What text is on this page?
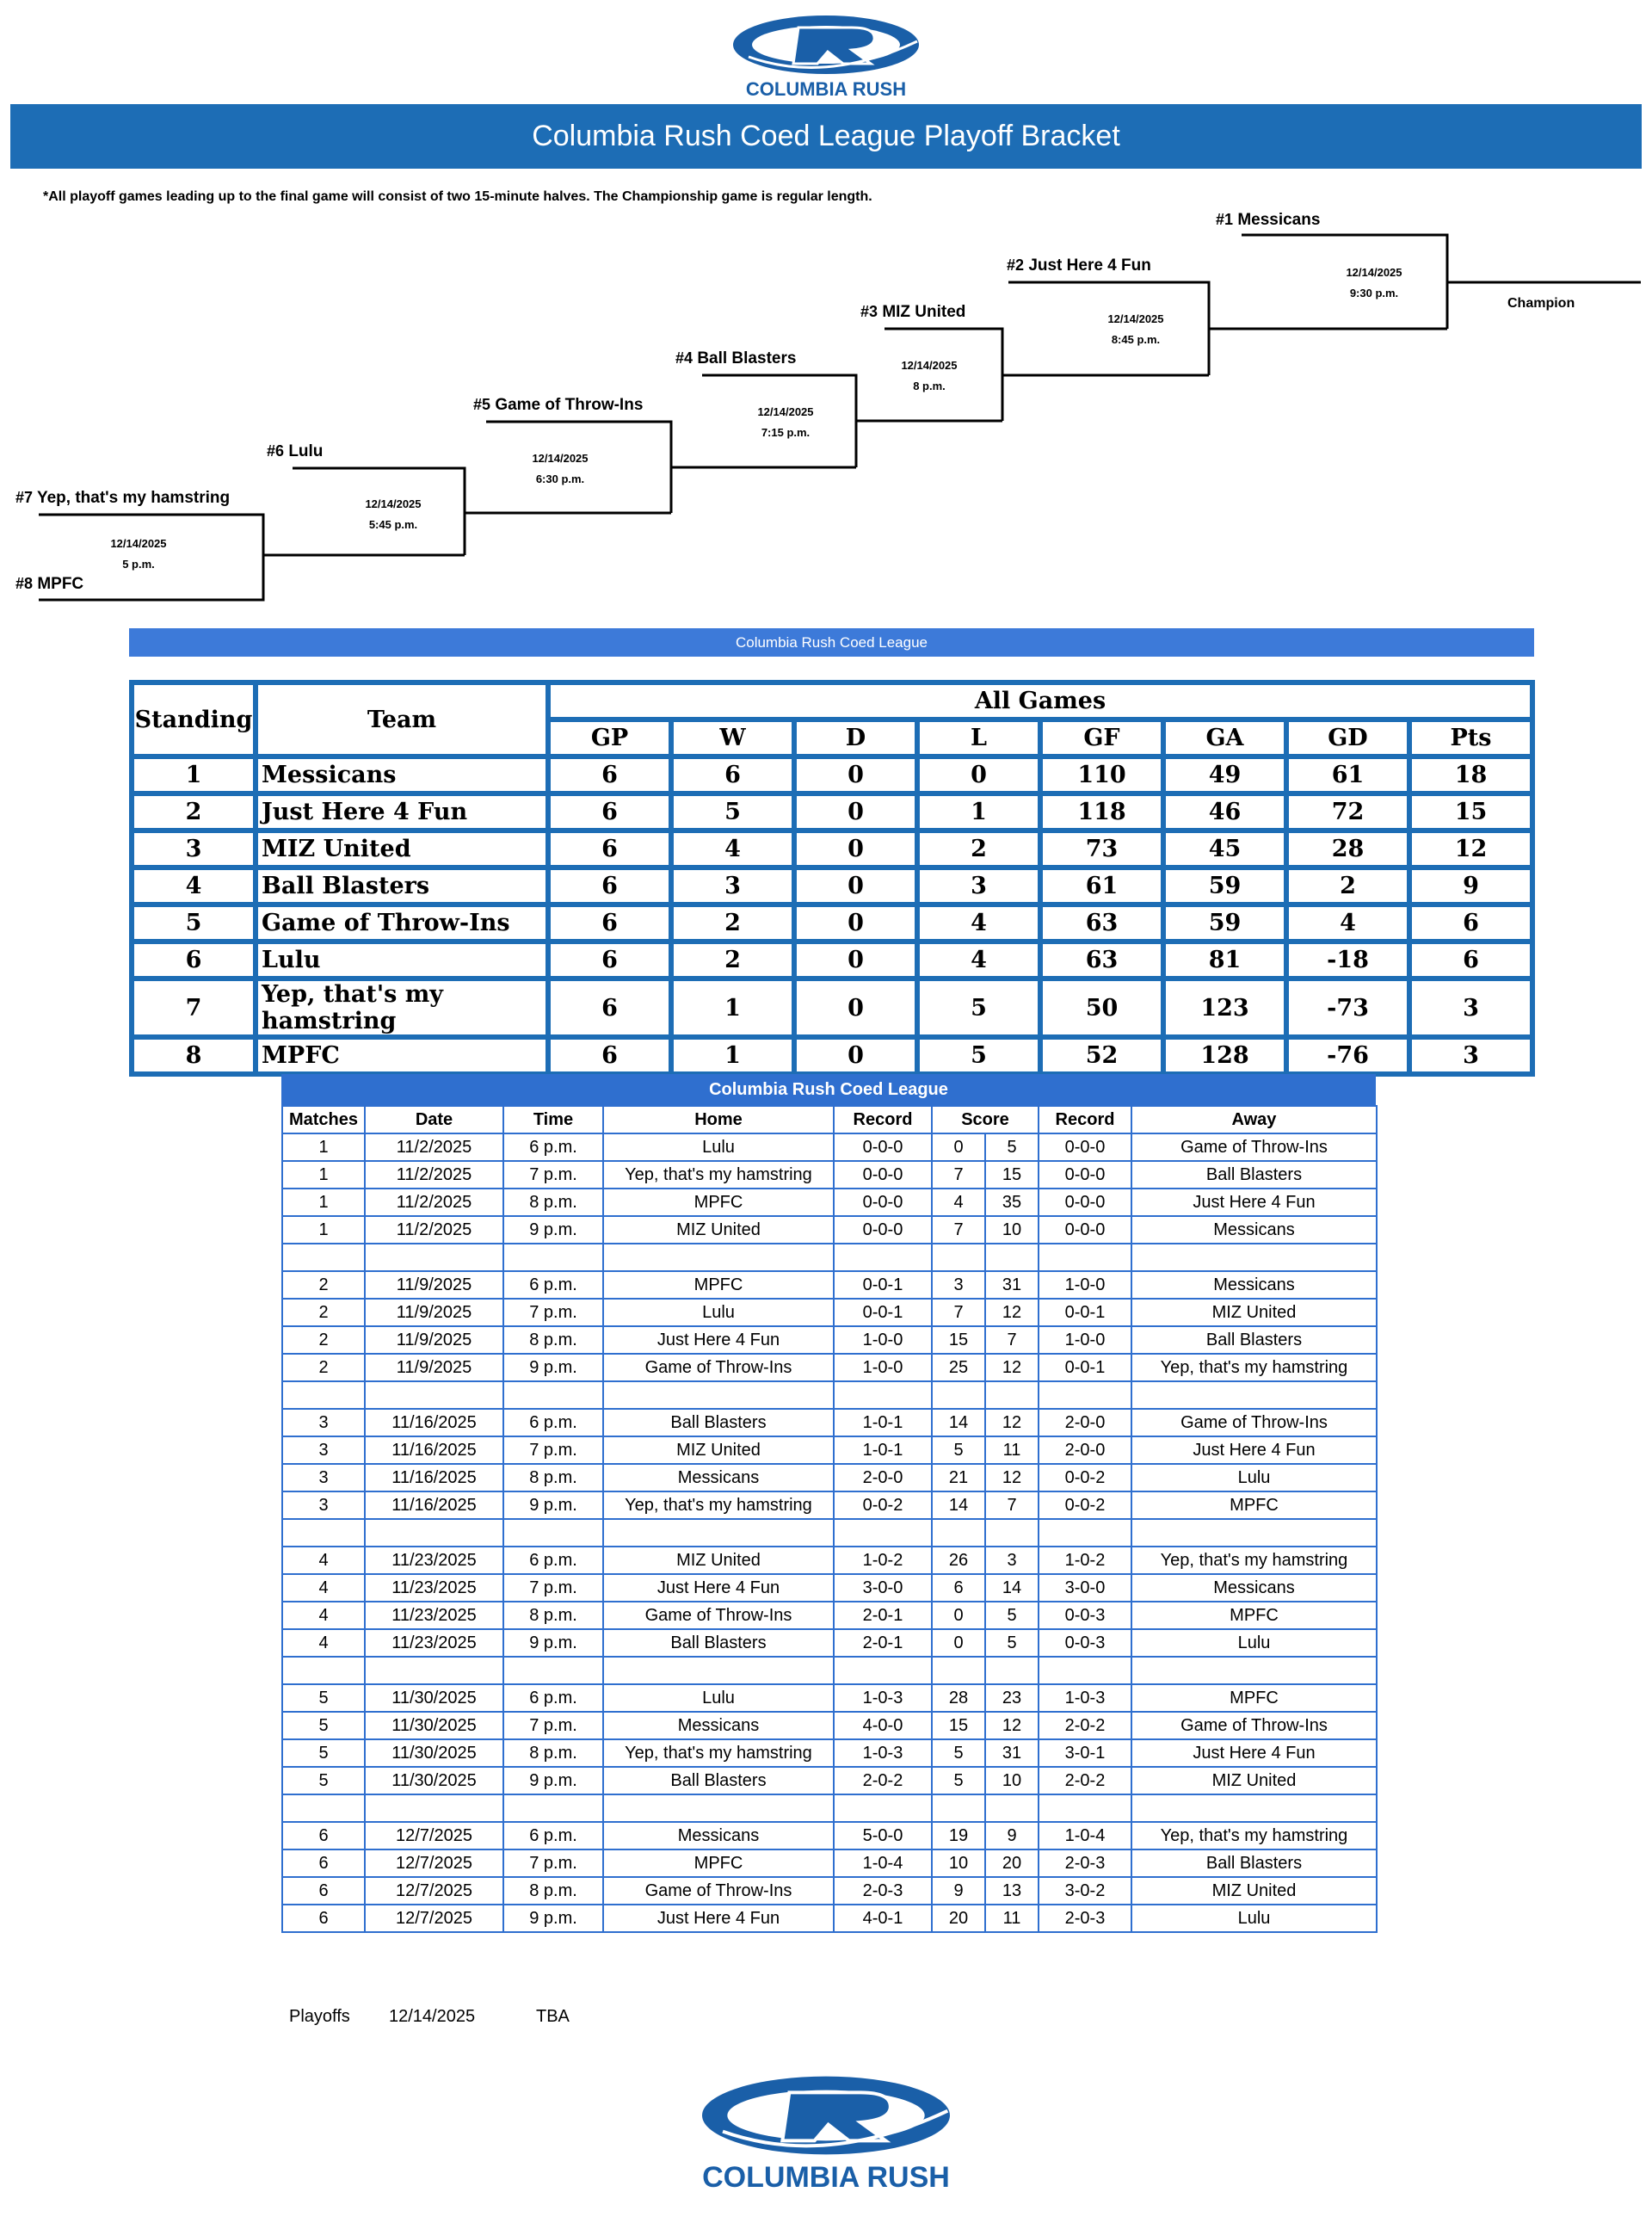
COLUMBIA RUSH
Columbia Rush Coed League Playoff Bracket
*All playoff games leading up to the final game will consist of two 15-minute halves. The Championship game is regular length.
#7 Yep, that's my hamstring
#8 MPFC
#6 Lulu
#5 Game of Throw-Ins
#4 Ball Blasters
#3 MIZ United
#2 Just Here 4 Fun
#1 Messicans
12/14/2025
5 p.m.
12/14/2025
5:45 p.m.
12/14/2025
6:30 p.m.
12/14/2025
7:15 p.m.
12/14/2025
8 p.m.
12/14/2025
8:45 p.m.
12/14/2025
9:30 p.m.
Champion
Columbia Rush Coed League
Standing	Team	All Games							
		GP	W	D	L	GF	GA	GD	Pts
1	Messicans	6	6	0	0	110	49	61	18
2	Just Here 4 Fun	6	5	0	1	118	46	72	15
3	MIZ United	6	4	0	2	73	45	28	12
4	Ball Blasters	6	3	0	3	61	59	2	9
5	Game of Throw-Ins	6	2	0	4	63	59	4	6
6	Lulu	6	2	0	4	63	81	-18	6
7	Yep, that's my hamstring	6	1	0	5	50	123	-73	3
8	MPFC	6	1	0	5	52	128	-76	3
Columbia Rush Coed League
Matches	Date	Time	Home	Record	Score		Record	Away
1	11/2/2025	6 p.m.	Lulu	0-0-0	0	5	0-0-0	Game of Throw-Ins
1	11/2/2025	7 p.m.	Yep, that's my hamstring	0-0-0	7	15	0-0-0	Ball Blasters
1	11/2/2025	8 p.m.	MPFC	0-0-0	4	35	0-0-0	Just Here 4 Fun
1	11/2/2025	9 p.m.	MIZ United	0-0-0	7	10	0-0-0	Messicans

2	11/9/2025	6 p.m.	MPFC	0-0-1	3	31	1-0-0	Messicans
2	11/9/2025	7 p.m.	Lulu	0-0-1	7	12	0-0-1	MIZ United
2	11/9/2025	8 p.m.	Just Here 4 Fun	1-0-0	15	7	1-0-0	Ball Blasters
2	11/9/2025	9 p.m.	Game of Throw-Ins	1-0-0	25	12	0-0-1	Yep, that's my hamstring

3	11/16/2025	6 p.m.	Ball Blasters	1-0-1	14	12	2-0-0	Game of Throw-Ins
3	11/16/2025	7 p.m.	MIZ United	1-0-1	5	11	2-0-0	Just Here 4 Fun
3	11/16/2025	8 p.m.	Messicans	2-0-0	21	12	0-0-2	Lulu
3	11/16/2025	9 p.m.	Yep, that's my hamstring	0-0-2	14	7	0-0-2	MPFC

4	11/23/2025	6 p.m.	MIZ United	1-0-2	26	3	1-0-2	Yep, that's my hamstring
4	11/23/2025	7 p.m.	Just Here 4 Fun	3-0-0	6	14	3-0-0	Messicans
4	11/23/2025	8 p.m.	Game of Throw-Ins	2-0-1	0	5	0-0-3	MPFC
4	11/23/2025	9 p.m.	Ball Blasters	2-0-1	0	5	0-0-3	Lulu

5	11/30/2025	6 p.m.	Lulu	1-0-3	28	23	1-0-3	MPFC
5	11/30/2025	7 p.m.	Messicans	4-0-0	15	12	2-0-2	Game of Throw-Ins
5	11/30/2025	8 p.m.	Yep, that's my hamstring	1-0-3	5	31	3-0-1	Just Here 4 Fun
5	11/30/2025	9 p.m.	Ball Blasters	2-0-2	5	10	2-0-2	MIZ United

6	12/7/2025	6 p.m.	Messicans	5-0-0	19	9	1-0-4	Yep, that's my hamstring
6	12/7/2025	7 p.m.	MPFC	1-0-4	10	20	2-0-3	Ball Blasters
6	12/7/2025	8 p.m.	Game of Throw-Ins	2-0-3	9	13	3-0-2	MIZ United
6	12/7/2025	9 p.m.	Just Here 4 Fun	4-0-1	20	11	2-0-3	Lulu
Playoffs 12/14/2025	TBA
COLUMBIA RUSH
